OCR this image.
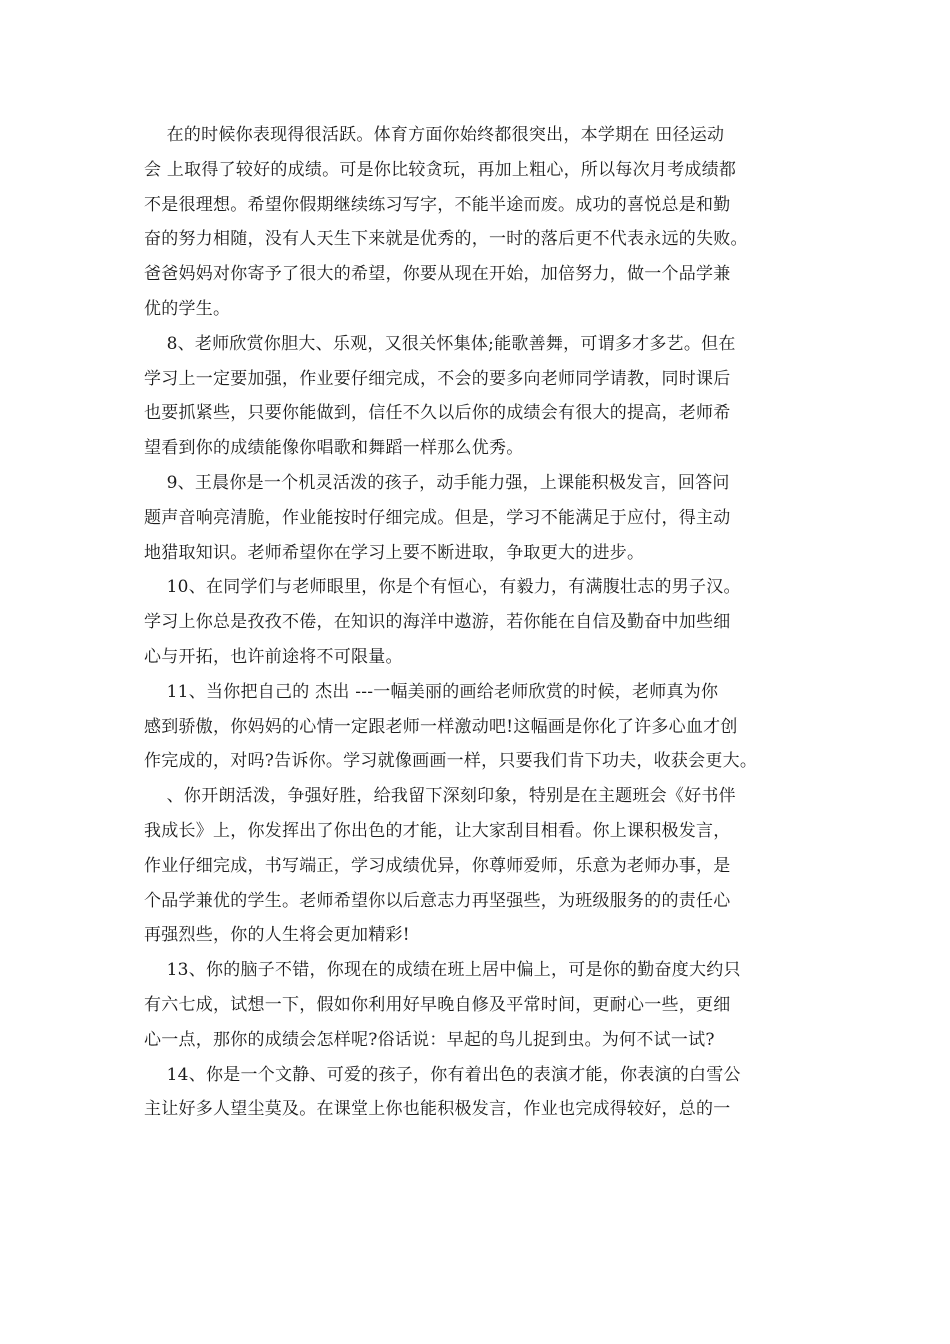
在的时候你表现得很活跃。体育方面你始终都很突出，本学期在 田径运动
会 上取得了较好的成绩。可是你比较贪玩，再加上粗心，所以每次月考成绩都
不是很理想。希望你假期继续练习写字，不能半途而废。成功的喜悦总是和勤
奋的努力相随，没有人天生下来就是优秀的，一时的落后更不代表永远的失败。
爸爸妈妈对你寄予了很大的希望，你要从现在开始，加倍努力，做一个品学兼
优的学生。
8、老师欣赏你胆大、乐观，又很关怀集体;能歌善舞，可谓多才多艺。但在
学习上一定要加强，作业要仔细完成，不会的要多向老师同学请教，同时课后
也要抓紧些，只要你能做到，信任不久以后你的成绩会有很大的提高，老师希
望看到你的成绩能像你唱歌和舞蹈一样那么优秀。
9、王晨你是一个机灵活泼的孩子，动手能力强，上课能积极发言，回答问
题声音响亮清脆，作业能按时仔细完成。但是，学习不能满足于应付，得主动
地猎取知识。老师希望你在学习上要不断进取，争取更大的进步。
10、在同学们与老师眼里，你是个有恒心，有毅力，有满腹壮志的男子汉。
学习上你总是孜孜不倦，在知识的海洋中遨游，若你能在自信及勤奋中加些细
心与开拓，也许前途将不可限量。
11、当你把自己的 杰出 ---一幅美丽的画给老师欣赏的时候，老师真为你
感到骄傲，你妈妈的心情一定跟老师一样激动吧!这幅画是你化了许多心血才创
作完成的，对吗?告诉你。学习就像画画一样，只要我们肯下功夫，收获会更大。
、你开朗活泼，争强好胜，给我留下深刻印象，特别是在主题班会《好书伴
我成长》上，你发挥出了你出色的才能，让大家刮目相看。你上课积极发言，
作业仔细完成，书写端正，学习成绩优异，你尊师爱师，乐意为老师办事，是
个品学兼优的学生。老师希望你以后意志力再坚强些，为班级服务的的责任心
再强烈些，你的人生将会更加精彩!
13、你的脑子不错，你现在的成绩在班上居中偏上，可是你的勤奋度大约只
有六七成，试想一下，假如你利用好早晚自修及平常时间，更耐心一些，更细
心一点，那你的成绩会怎样呢?俗话说：早起的鸟儿捉到虫。为何不试一试?
14、你是一个文静、可爱的孩子，你有着出色的表演才能，你表演的白雪公
主让好多人望尘莫及。在课堂上你也能积极发言，作业也完成得较好，总的一
